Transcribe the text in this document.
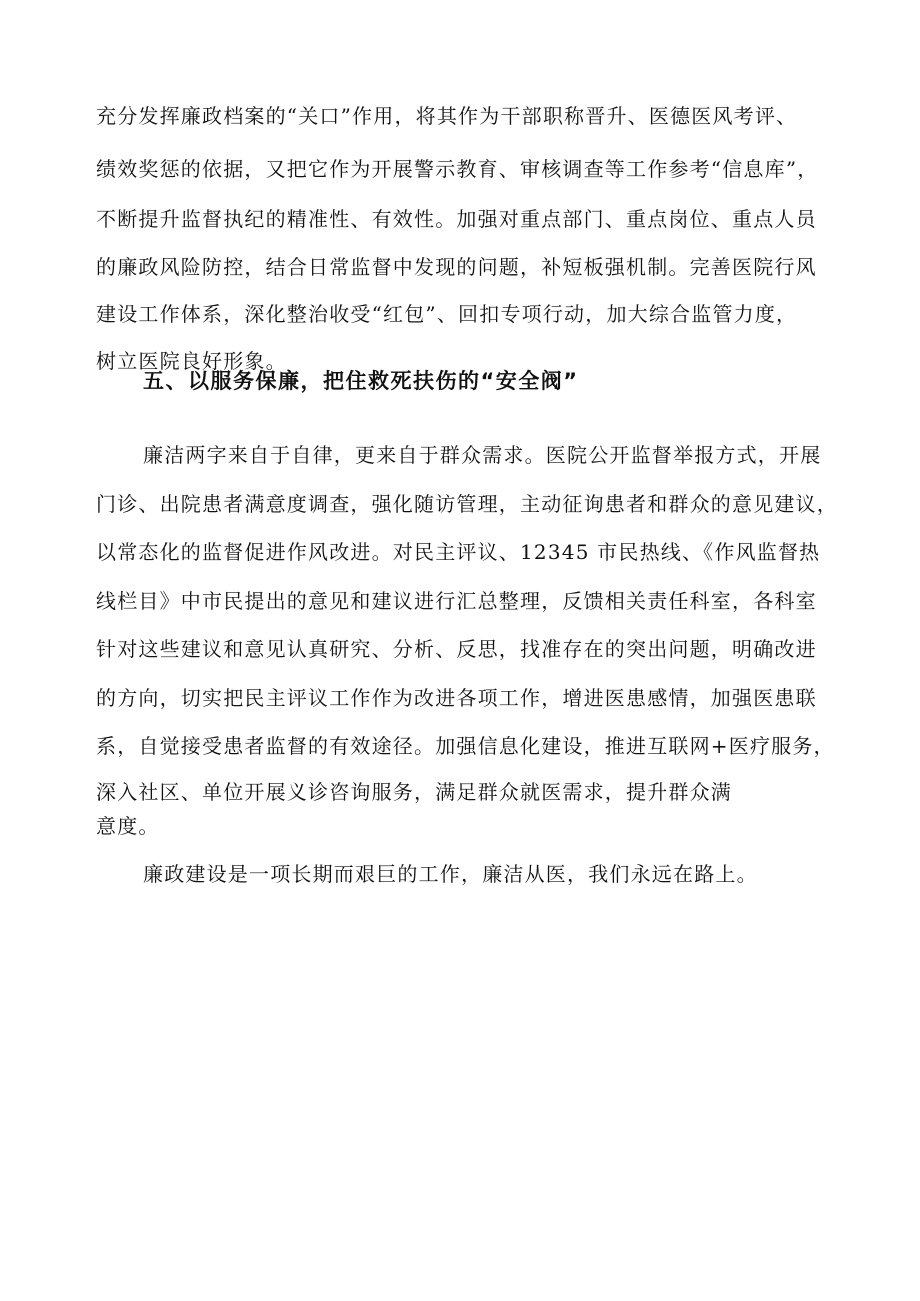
充分发挥廉政档案的“关口”作用，将其作为干部职称晋升、医德医风考评、
绩效奖惩的依据，又把它作为开展警示教育、审核调查等工作参考“信息库”，
不断提升监督执纪的精准性、有效性。加强对重点部门、重点岗位、重点人员
的廉政风险防控，结合日常监督中发现的问题，补短板强机制。完善医院行风
建设工作体系，深化整治收受“红包”、回扣专项行动，加大综合监管力度，
树立医院良好形象。
五、以服务保廉，把住救死扶伤的“安全阀”
廉洁两字来自于自律，更来自于群众需求。医院公开监督举报方式，开展
门诊、出院患者满意度调查，强化随访管理，主动征询患者和群众的意见建议，
以常态化的监督促进作风改进。对民主评议、12345 市民热线、《作风监督热
线栏目》中市民提出的意见和建议进行汇总整理，反馈相关责任科室，各科室
针对这些建议和意见认真研究、分析、反思，找准存在的突出问题，明确改进
的方向，切实把民主评议工作作为改进各项工作，增进医患感情，加强医患联
系，自觉接受患者监督的有效途径。加强信息化建设，推进互联网+医疗服务，
深入社区、单位开展义诊咨询服务，满足群众就医需求，提升群众满
意度。
廉政建设是一项长期而艰巨的工作，廉洁从医，我们永远在路上。
